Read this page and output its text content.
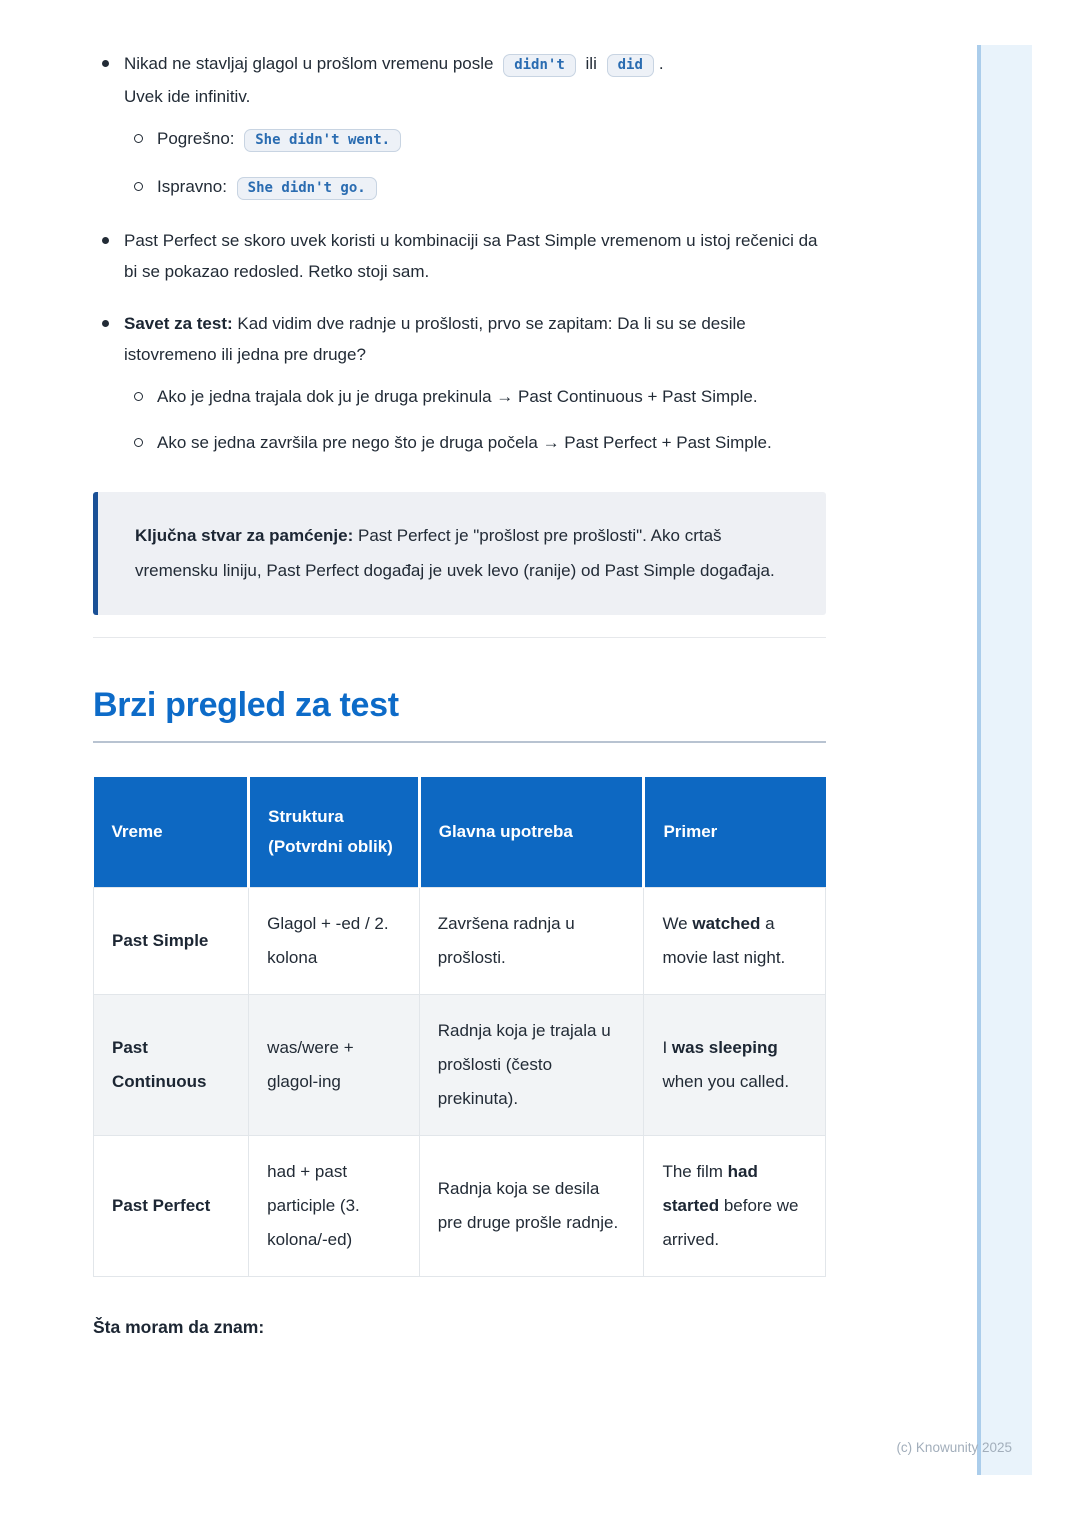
Nikad ne stavljaj glagol u prošlom vremenu posle didn't ili did .
Uvek ide infinitiv.
Pogrešno: She didn't went.
Ispravno: She didn't go.
Past Perfect se skoro uvek koristi u kombinaciji sa Past Simple vremenom u istoj rečenici da bi se pokazao redosled. Retko stoji sam.
Savet za test: Kad vidim dve radnje u prošlosti, prvo se zapitam: Da li su se desile istovremeno ili jedna pre druge?
Ako je jedna trajala dok ju je druga prekinula → Past Continuous + Past Simple.
Ako se jedna završila pre nego što je druga počela → Past Perfect + Past Simple.
Ključna stvar za pamćenje: Past Perfect je "prošlost pre prošlosti". Ako crtaš vremensku liniju, Past Perfect događaj je uvek levo (ranije) od Past Simple događaja.
Brzi pregled za test
Vreme	Struktura (Potvrdni oblik)	Glavna upotreba	Primer
Past Simple	Glagol + -ed / 2. kolona	Završena radnja u prošlosti.	We watched a movie last night.
Past Continuous	was/were + glagol-ing	Radnja koja je trajala u prošlosti (često prekinuta).	I was sleeping when you called.
Past Perfect	had + past participle (3. kolona/-ed)	Radnja koja se desila pre druge prošle radnje.	The film had started before we arrived.
Šta moram da znam:
(c) Knowunity 2025
